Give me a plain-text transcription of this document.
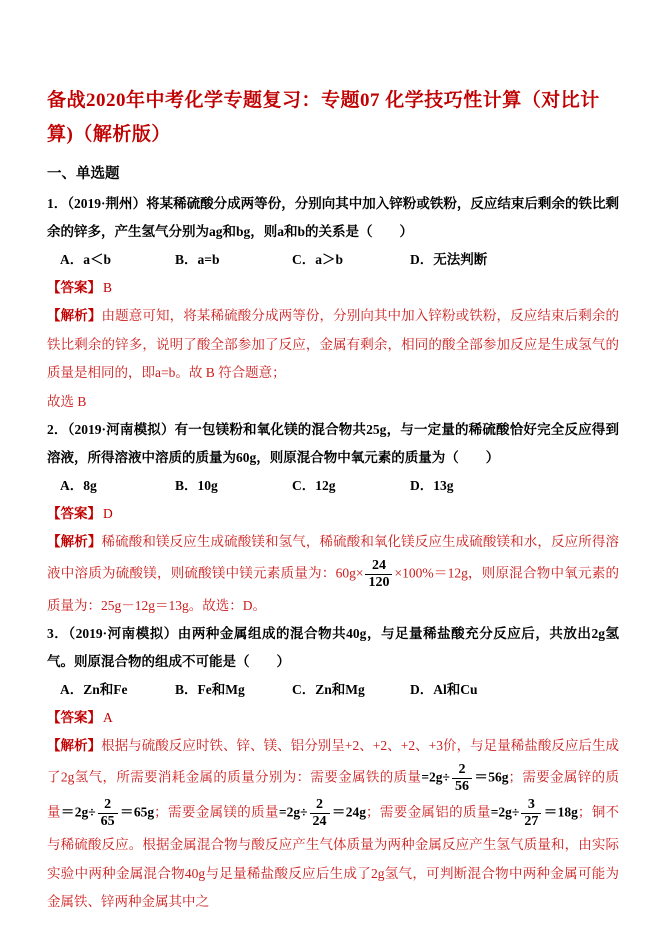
备战2020年中考化学专题复习：专题07 化学技巧性计算（对比计算)（解析版）
一、单选题

1．（2019·荆州）将某稀硫酸分成两等份，分别向其中加入锌粉或铁粉，反应结束后剩余的铁比剩余的锌多，产生氢气分别为ag和bg，则a和b的关系是（　　）

A．a＜b	B．a=b	C．a＞b	D．无法判断

【答案】 B

【解析】由题意可知，将某稀硫酸分成两等份，分别向其中加入锌粉或铁粉，反应结束后剩余的铁比剩余的锌多，说明了酸全部参加了反应，金属有剩余，相同的酸全部参加反应是生成氢气的质量是相同的，即a=b。故 B 符合题意；

故选 B

2．（2019·河南模拟）有一包镁粉和氧化镁的混合物共25g，与一定量的稀硫酸恰好完全反应得到溶液，所得溶液中溶质的质量为60g，则原混合物中氧元素的质量为（　　）

A．8g	B．10g	C．12g	D．13g

【答案】 D

【解析】稀硫酸和镁反应生成硫酸镁和氢气，稀硫酸和氧化镁反应生成硫酸镁和水，反应所得溶液中溶质为硫酸镁，则硫酸镁中镁元素质量为：$60g\times \frac{24}{120} \times 100\%=12g$，则原混合物中氧元素的质量为：25g－12g＝13g。故选：D。

3．（2019·河南模拟）由两种金属组成的混合物共40g，与足量稀盐酸充分反应后，共放出2g氢气。则原混合物的组成不可能是（　　）

A．Zn和Fe	B．Fe和Mg	C．Zn和Mg	D．Al和Cu

【答案】 A

【解析】根据与硫酸反应时铁、锌、镁、铝分别呈+2、+2、+2、+3价，与足量稀盐酸反应后生成了2g氢气，所需要消耗金属的质量分别为：需要金属铁的质量$=2g\div \frac{2}{56} =56g$；需要金属锌的质量$=2g\div \frac{2}{65} =65g$；需要金属镁的质量$=2g\div \frac{2}{24} =24g$；需要金属铝的质量$=2g\div \frac{3}{27} =18g$；铜不与稀硫酸反应。根据金属混合物与酸反应产生气体质量为两种金属反应产生氢气质量和，由实际实验中两种金属混合物40g与足量稀盐酸反应后生成了2g氢气，可判断混合物中两种金属可能为金属铁、锌两种金属其中之
